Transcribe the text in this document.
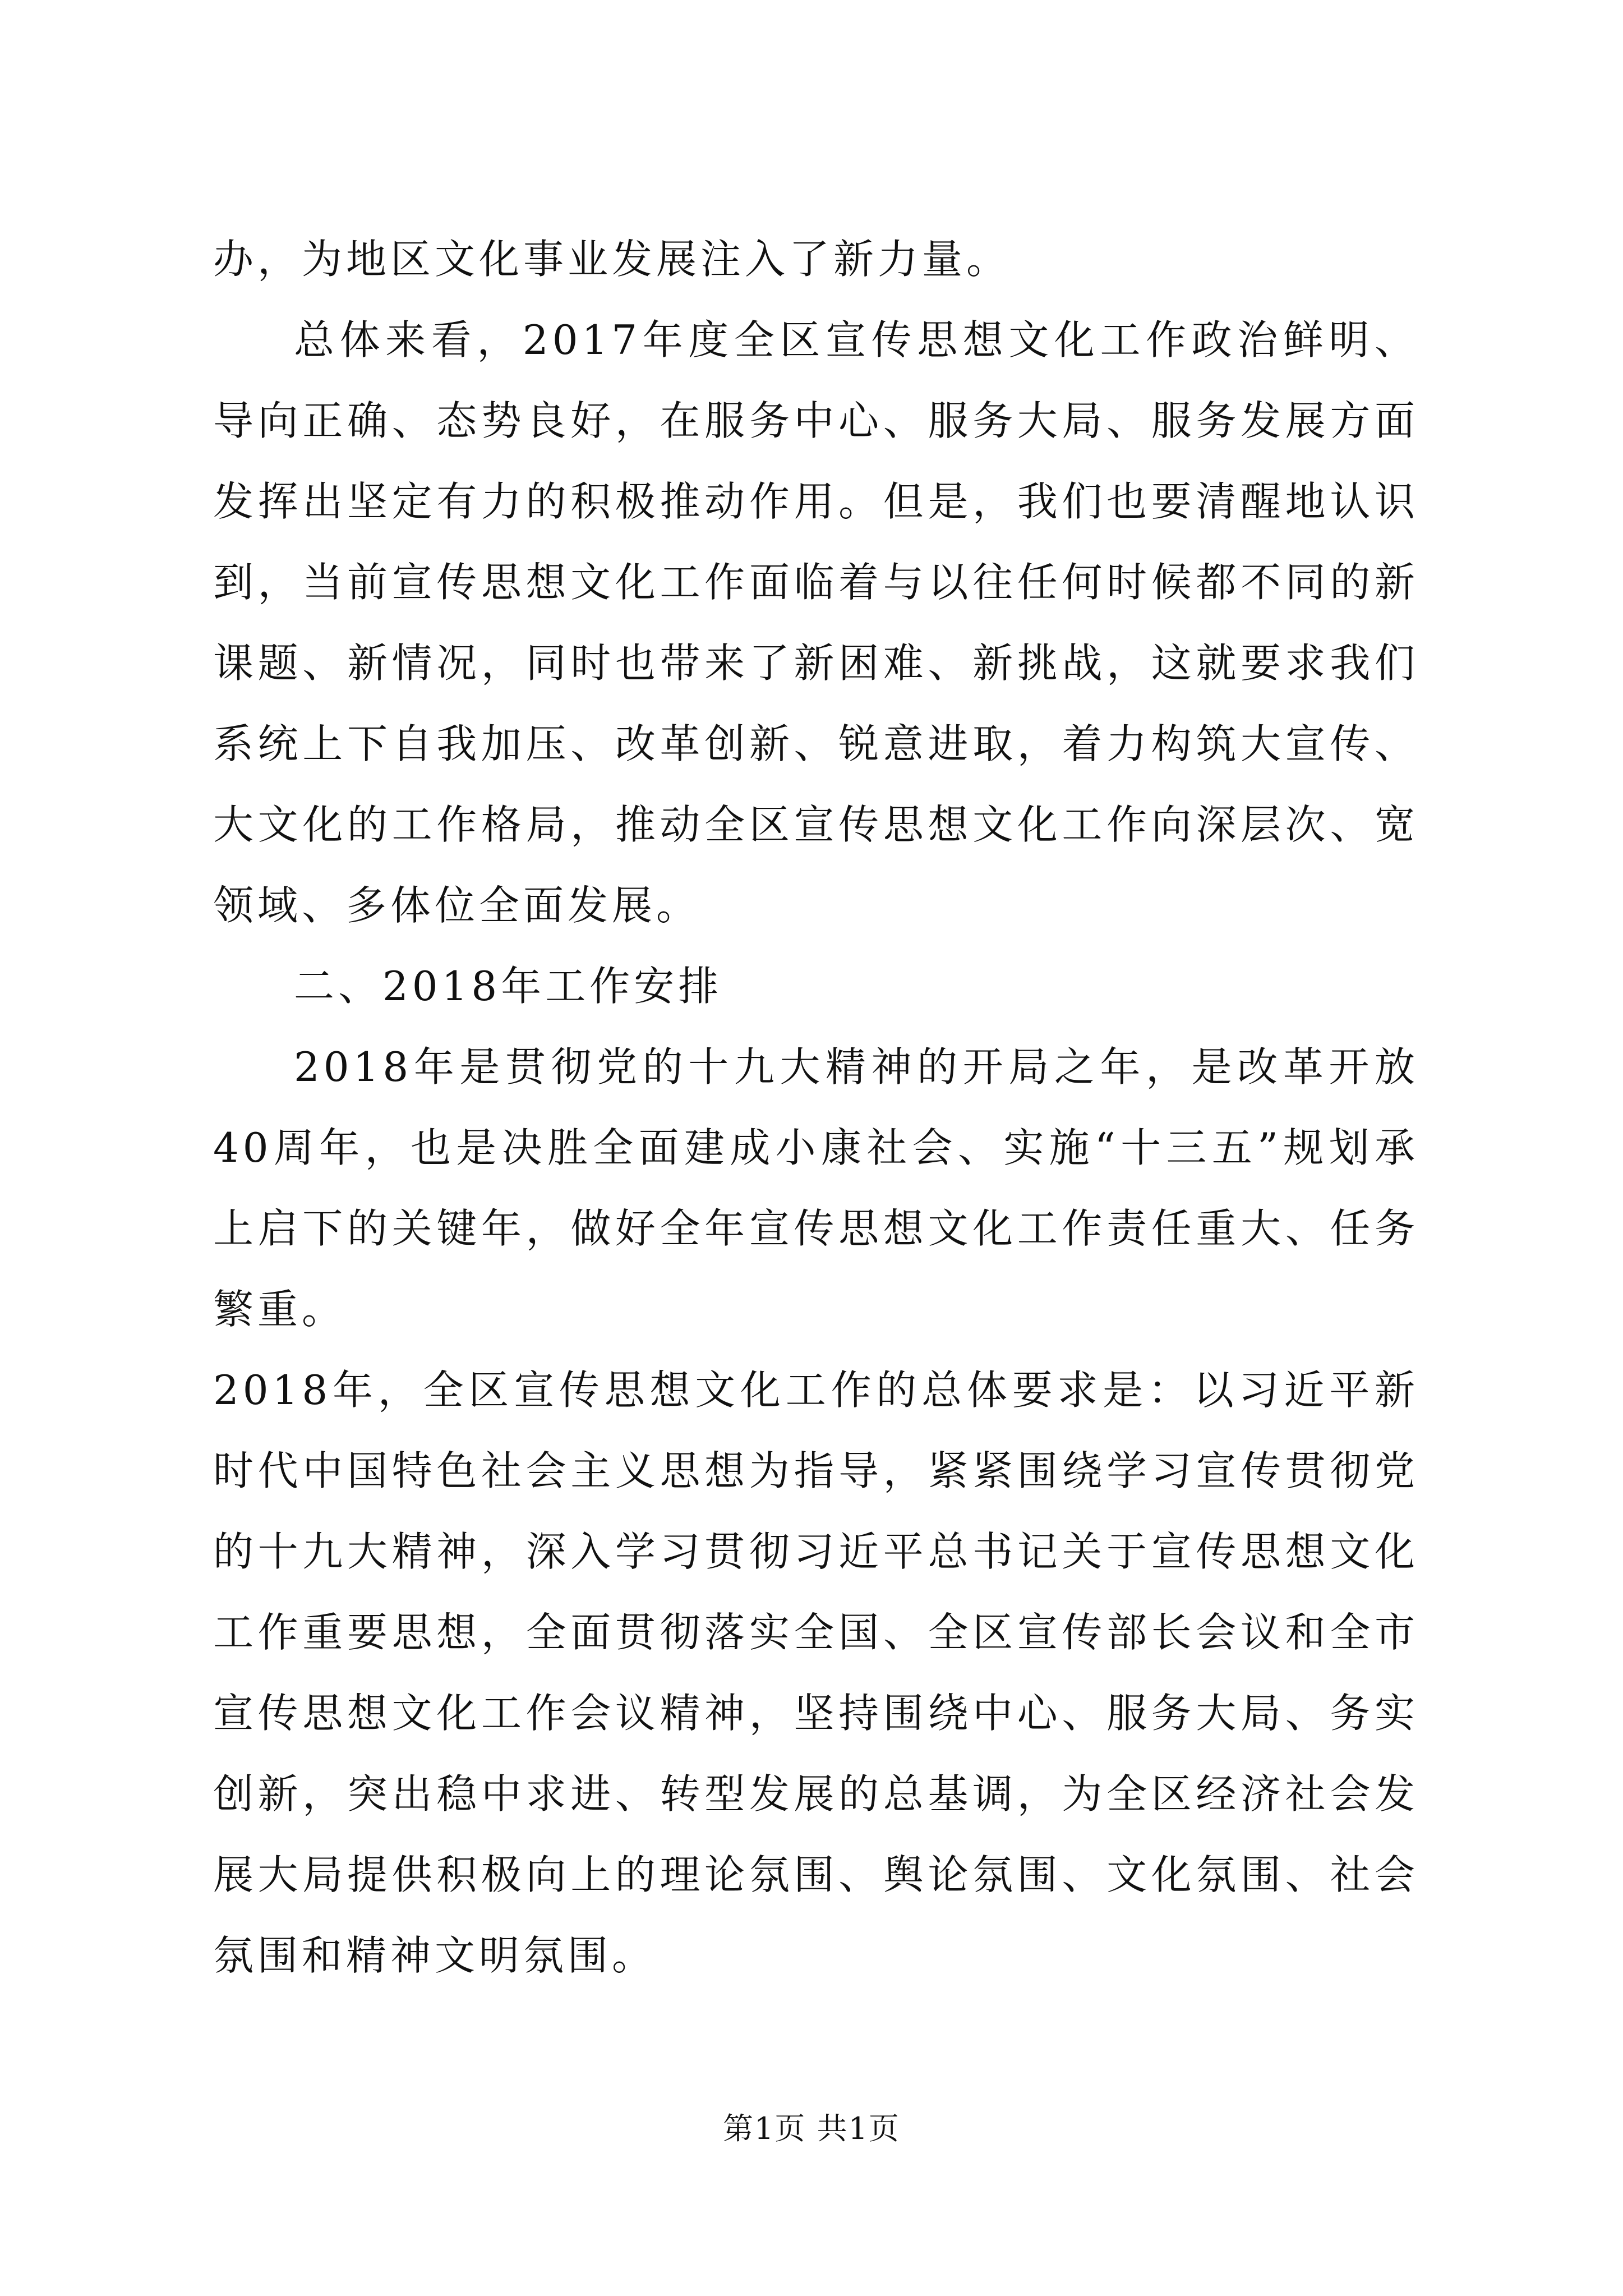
办，为地区文化事业发展注入了新力量。

总体来看，2017年度全区宣传思想文化工作政治鲜明、导向正确、态势良好，在服务中心、服务大局、服务发展方面发挥出坚定有力的积极推动作用。但是，我们也要清醒地认识到，当前宣传思想文化工作面临着与以往任何时候都不同的新课题、新情况，同时也带来了新困难、新挑战，这就要求我们系统上下自我加压、改革创新、锐意进取，着力构筑大宣传、大文化的工作格局，推动全区宣传思想文化工作向深层次、宽领域、多体位全面发展。

二、2018年工作安排

2018年是贯彻党的十九大精神的开局之年，是改革开放40周年，也是决胜全面建成小康社会、实施“十三五”规划承上启下的关键年，做好全年宣传思想文化工作责任重大、任务繁重。

2018年，全区宣传思想文化工作的总体要求是：以习近平新时代中国特色社会主义思想为指导，紧紧围绕学习宣传贯彻党的十九大精神，深入学习贯彻习近平总书记关于宣传思想文化工作重要思想，全面贯彻落实全国、全区宣传部长会议和全市宣传思想文化工作会议精神，坚持围绕中心、服务大局、务实创新，突出稳中求进、转型发展的总基调，为全区经济社会发展大局提供积极向上的理论氛围、舆论氛围、文化氛围、社会氛围和精神文明氛围。

第1页 共1页
